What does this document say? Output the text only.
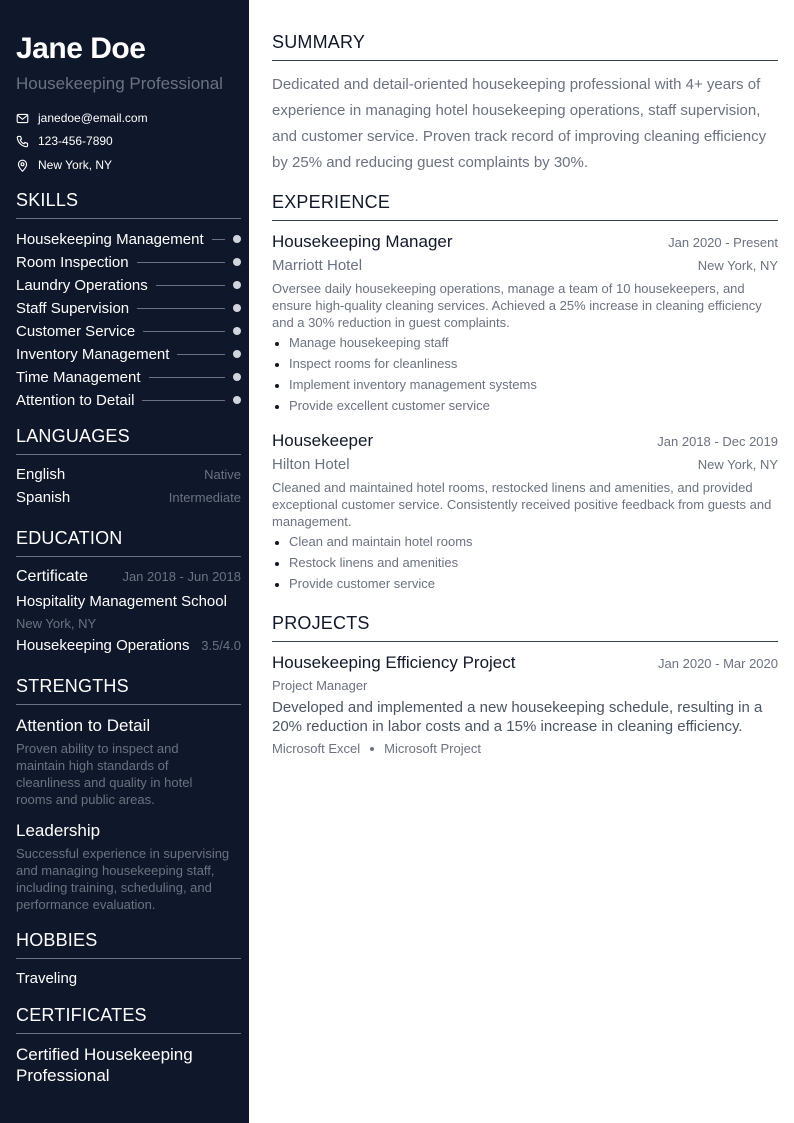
Jane Doe
Housekeeping Professional
janedoe@email.com
123-456-7890
New York, NY
SKILLS
Housekeeping Management
Room Inspection
Laundry Operations
Staff Supervision
Customer Service
Inventory Management
Time Management
Attention to Detail
LANGUAGES
English	Native
Spanish	Intermediate
EDUCATION
Certificate	Jan 2018 - Jun 2018
Hospitality Management School
New York, NY
Housekeeping Operations 3.5/4.0
STRENGTHS
Attention to Detail
Proven ability to inspect and maintain high standards of cleanliness and quality in hotel rooms and public areas.
Leadership
Successful experience in supervising and managing housekeeping staff, including training, scheduling, and performance evaluation.
HOBBIES
Traveling
CERTIFICATES
Certified Housekeeping Professional
SUMMARY
Dedicated and detail-oriented housekeeping professional with 4+ years of experience in managing hotel housekeeping operations, staff supervision, and customer service. Proven track record of improving cleaning efficiency by 25% and reducing guest complaints by 30%.
EXPERIENCE
Housekeeping Manager	Jan 2020 - Present
Marriott Hotel	New York, NY
Oversee daily housekeeping operations, manage a team of 10 housekeepers, and ensure high-quality cleaning services. Achieved a 25% increase in cleaning efficiency and a 30% reduction in guest complaints.
Manage housekeeping staff
Inspect rooms for cleanliness
Implement inventory management systems
Provide excellent customer service
Housekeeper	Jan 2018 - Dec 2019
Hilton Hotel	New York, NY
Cleaned and maintained hotel rooms, restocked linens and amenities, and provided exceptional customer service. Consistently received positive feedback from guests and management.
Clean and maintain hotel rooms
Restock linens and amenities
Provide customer service
PROJECTS
Housekeeping Efficiency Project	Jan 2020 - Mar 2020
Project Manager
Developed and implemented a new housekeeping schedule, resulting in a 20% reduction in labor costs and a 15% increase in cleaning efficiency.
Microsoft Excel Microsoft Project
